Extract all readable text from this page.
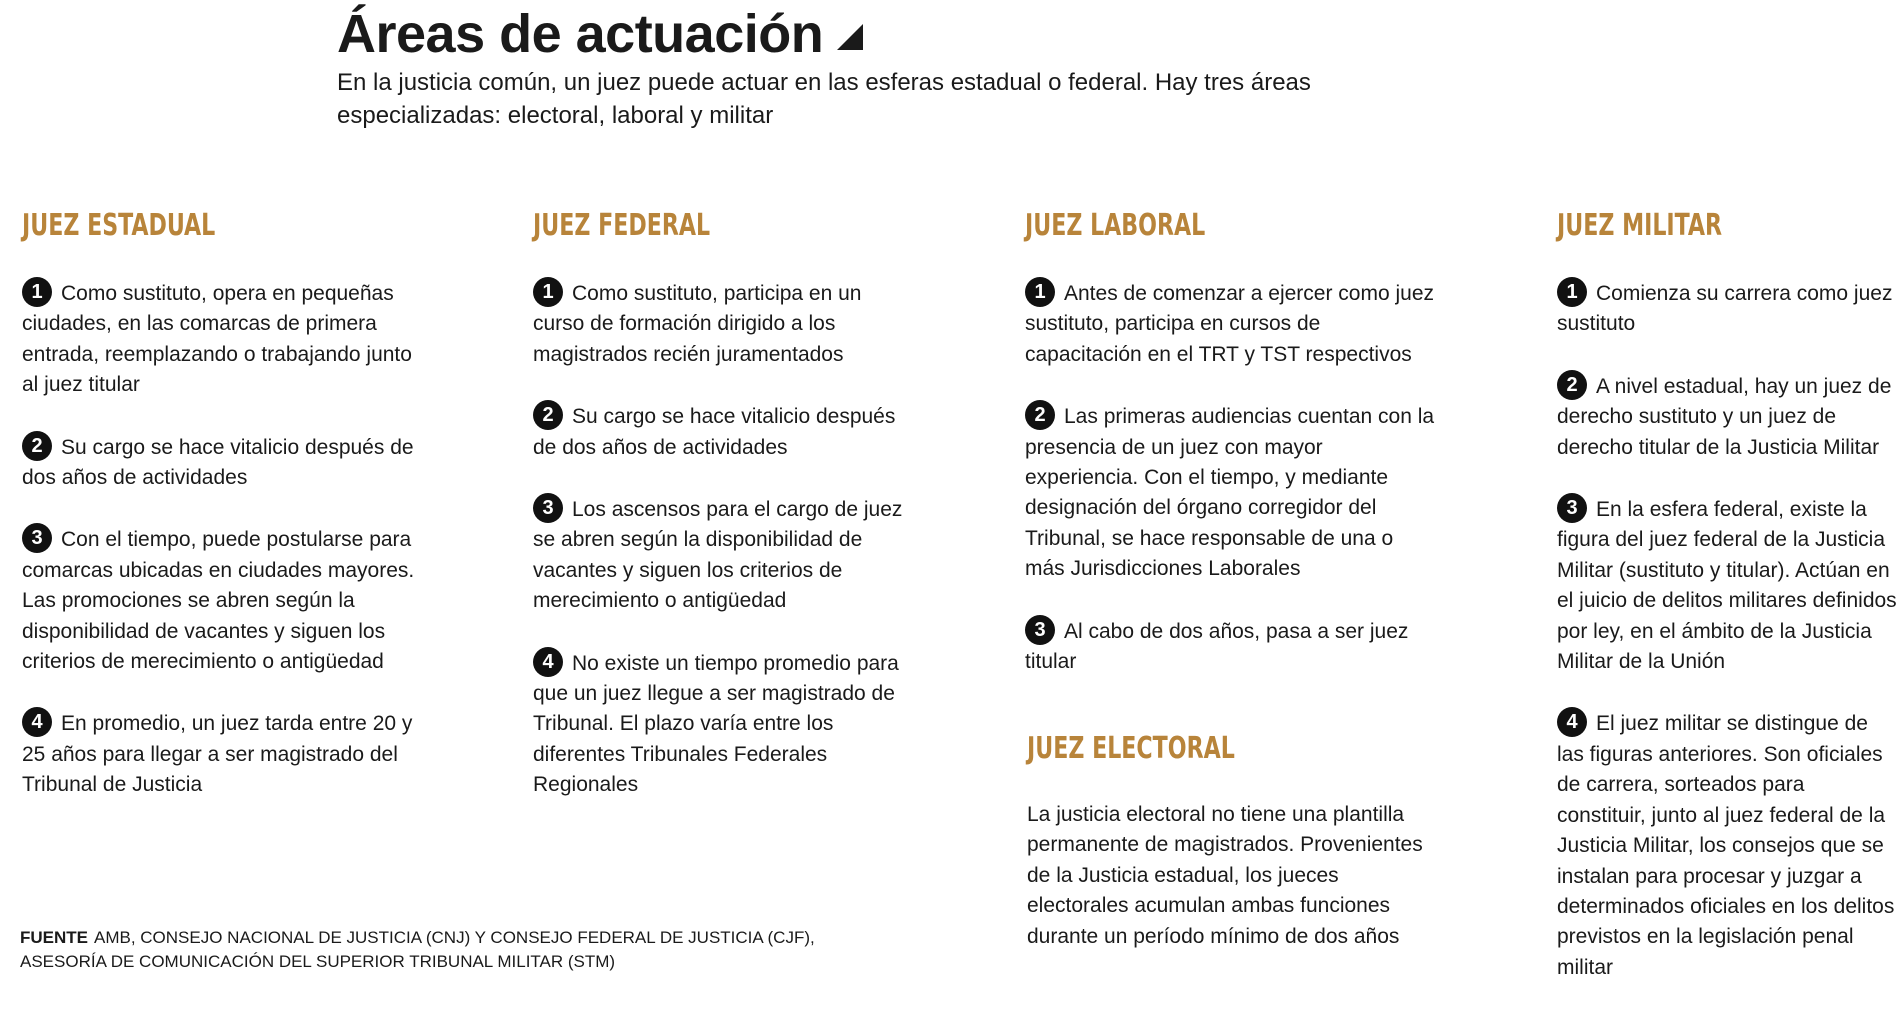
Áreas de actuación

En la justicia común, un juez puede actuar en las esferas estadual o federal. Hay tres áreas especializadas: electoral, laboral y militar

JUEZ ESTADUAL

1 Como sustituto, opera en pequeñas ciudades, en las comarcas de primera entrada, reemplazando o trabajando junto al juez titular

2 Su cargo se hace vitalicio después de dos años de actividades

3 Con el tiempo, puede postularse para comarcas ubicadas en ciudades mayores. Las promociones se abren según la disponibilidad de vacantes y siguen los criterios de merecimiento o antigüedad

4 En promedio, un juez tarda entre 20 y 25 años para llegar a ser magistrado del Tribunal de Justicia

JUEZ FEDERAL

1 Como sustituto, participa en un curso de formación dirigido a los magistrados recién juramentados

2 Su cargo se hace vitalicio después de dos años de actividades

3 Los ascensos para el cargo de juez se abren según la disponibilidad de vacantes y siguen los criterios de merecimiento o antigüedad

4 No existe un tiempo promedio para que un juez llegue a ser magistrado de Tribunal. El plazo varía entre los diferentes Tribunales Federales Regionales

JUEZ LABORAL

1 Antes de comenzar a ejercer como juez sustituto, participa en cursos de capacitación en el TRT y TST respectivos

2 Las primeras audiencias cuentan con la presencia de un juez con mayor experiencia. Con el tiempo, y mediante designación del órgano corregidor del Tribunal, se hace responsable de una o más Jurisdicciones Laborales

3 Al cabo de dos años, pasa a ser juez titular

JUEZ ELECTORAL

La justicia electoral no tiene una plantilla permanente de magistrados. Provenientes de la Justicia estadual, los jueces electorales acumulan ambas funciones durante un período mínimo de dos años

JUEZ MILITAR

1 Comienza su carrera como juez sustituto

2 A nivel estadual, hay un juez de derecho sustituto y un juez de derecho titular de la Justicia Militar

3 En la esfera federal, existe la figura del juez federal de la Justicia Militar (sustituto y titular). Actúan en el juicio de delitos militares definidos por ley, en el ámbito de la Justicia Militar de la Unión

4 El juez militar se distingue de las figuras anteriores. Son oficiales de carrera, sorteados para constituir, junto al juez federal de la Justicia Militar, los consejos que se instalan para procesar y juzgar a determinados oficiales en los delitos previstos en la legislación penal militar

FUENTE AMB, CONSEJO NACIONAL DE JUSTICIA (CNJ) Y CONSEJO FEDERAL DE JUSTICIA (CJF), ASESORÍA DE COMUNICACIÓN DEL SUPERIOR TRIBUNAL MILITAR (STM)
